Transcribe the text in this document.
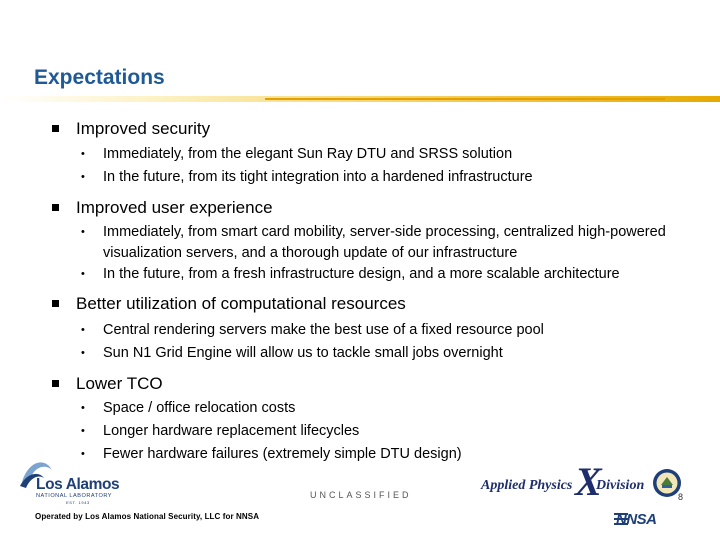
Expectations
Improved security
• Immediately, from the elegant Sun Ray DTU and SRSS solution
• In the future, from its tight integration into a hardened infrastructure
Improved user experience
• Immediately, from smart card mobility, server-side processing, centralized high-powered visualization servers, and a thorough update of our infrastructure
• In the future, from a fresh infrastructure design, and a more scalable architecture
Better utilization of computational resources
• Central rendering servers make the best use of a fixed resource pool
• Sun N1 Grid Engine will allow us to tackle small jobs overnight
Lower TCO
• Space / office relocation costs
• Longer hardware replacement lifecycles
• Fewer hardware failures (extremely simple DTU design)
Los Alamos
NATIONAL LABORATORY
EST. 1943
UNCLASSIFIED
Operated by Los Alamos National Security, LLC for NNSA
Applied Physics X
Division
8
NNSA
